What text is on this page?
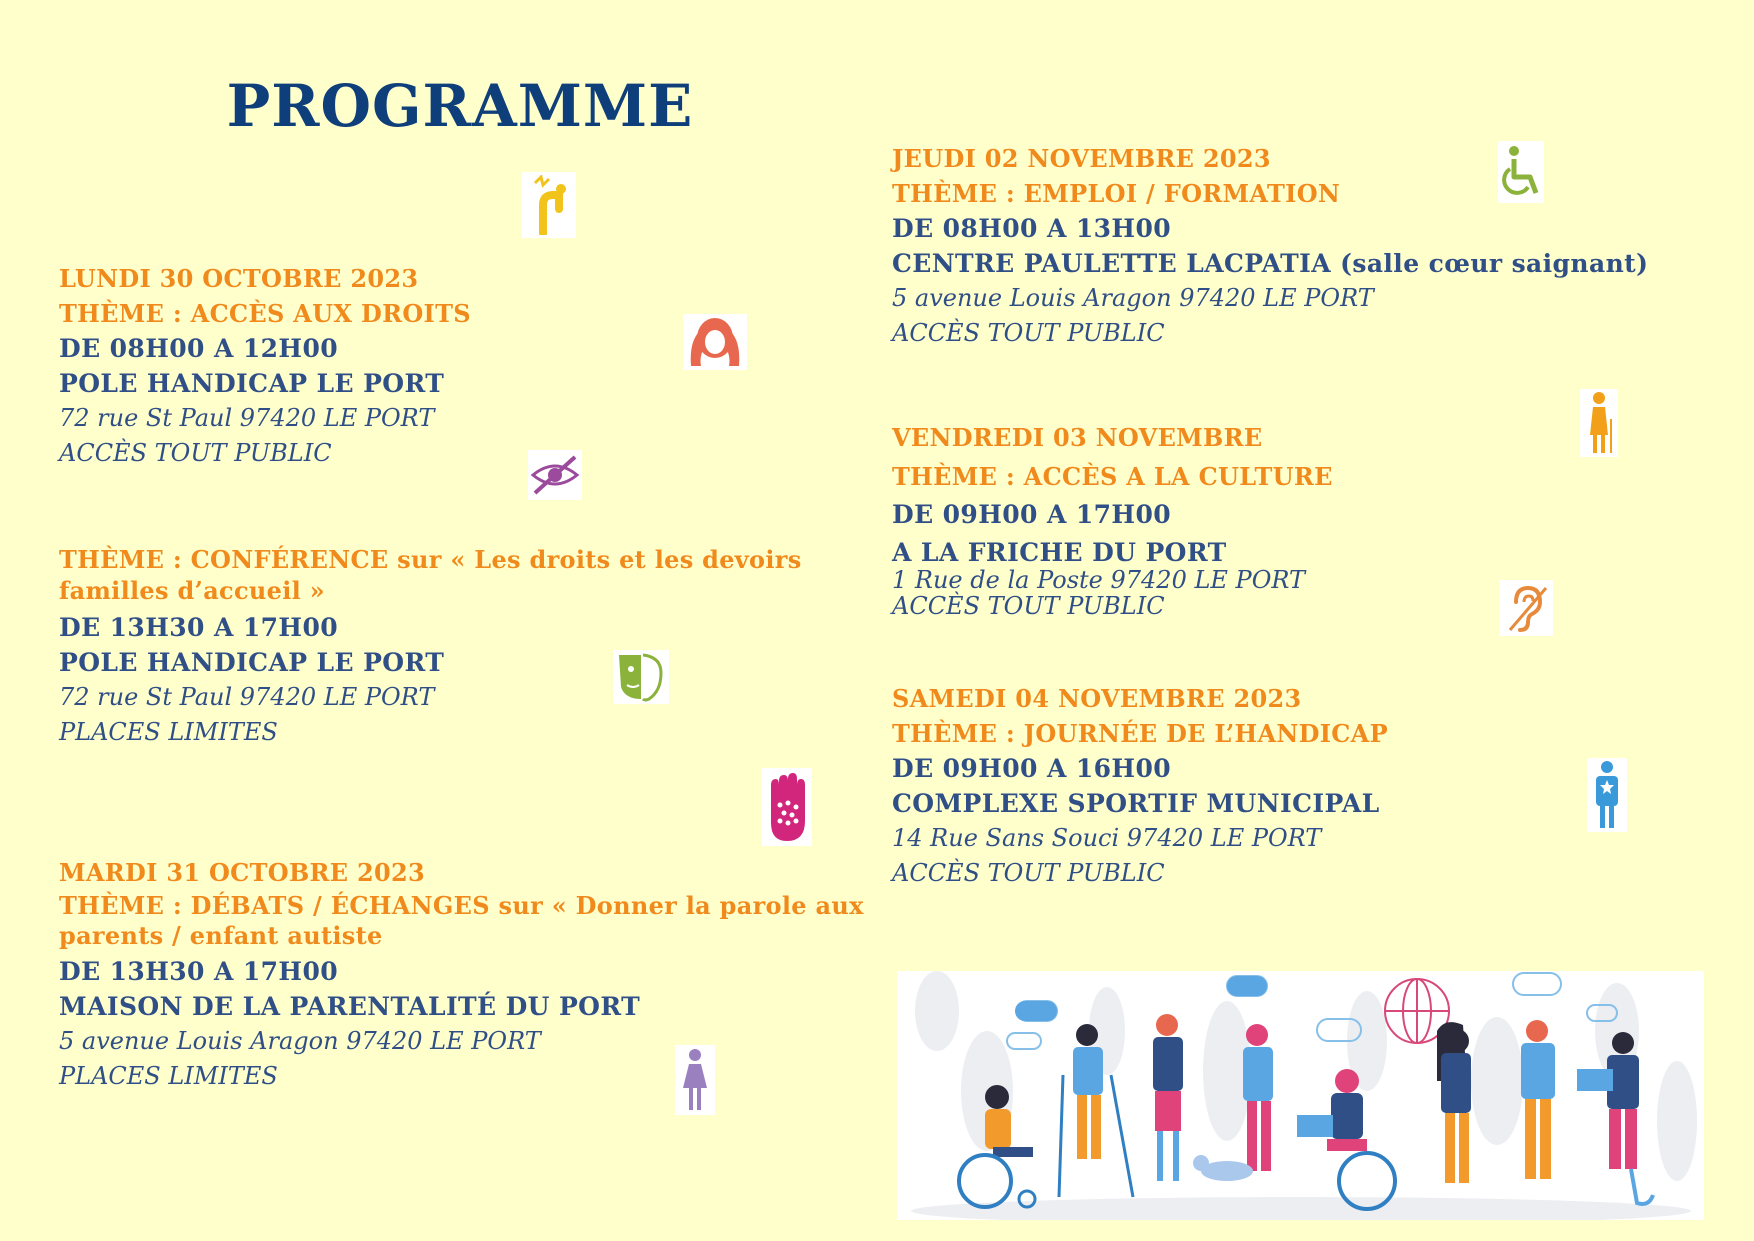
PROGRAMME
LUNDI 30 OCTOBRE 2023
THÈME : ACCÈS AUX DROITS
DE 08H00 A 12H00
POLE HANDICAP LE PORT
72 rue St Paul 97420 LE PORT
ACCÈS TOUT PUBLIC
THÈME : CONFÉRENCE sur « Les droits et les devoirs
familles d’accueil »
DE 13H30 A 17H00
POLE HANDICAP LE PORT
72 rue St Paul 97420 LE PORT
PLACES LIMITES
MARDI 31 OCTOBRE 2023
THÈME : DÉBATS / ÉCHANGES sur « Donner la parole aux
parents / enfant autiste
DE 13H30 A 17H00
MAISON DE LA PARENTALITÉ DU PORT
5 avenue Louis Aragon 97420 LE PORT
PLACES LIMITES
JEUDI 02 NOVEMBRE 2023
THÈME : EMPLOI / FORMATION
DE 08H00 A 13H00
CENTRE PAULETTE LACPATIA (salle cœur saignant)
5 avenue Louis Aragon 97420 LE PORT
ACCÈS TOUT PUBLIC
VENDREDI 03 NOVEMBRE
THÈME : ACCÈS A LA CULTURE
DE 09H00 A 17H00
A LA FRICHE DU PORT
1 Rue de la Poste 97420 LE PORT
ACCÈS TOUT PUBLIC
SAMEDI 04 NOVEMBRE 2023
THÈME : JOURNÉE DE L’HANDICAP
DE 09H00 A 16H00
COMPLEXE SPORTIF MUNICIPAL
14 Rue Sans Souci 97420 LE PORT
ACCÈS TOUT PUBLIC
